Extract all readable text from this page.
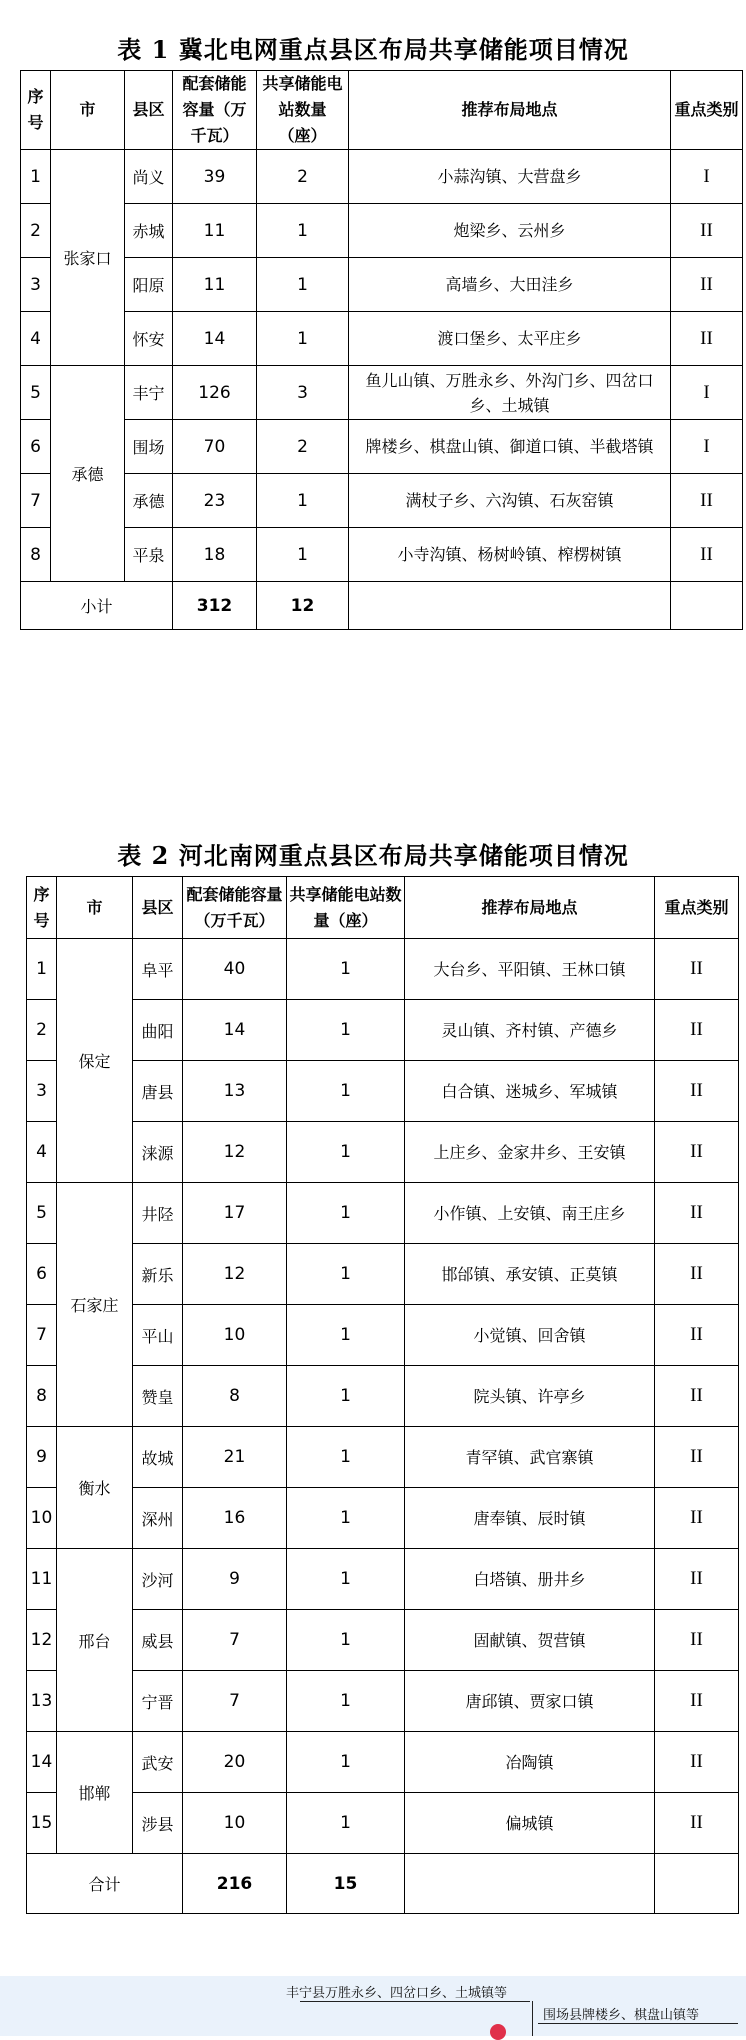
表 1 冀北电网重点县区布局共享储能项目情况
序号	市	县区	配套储能容量（万千瓦）	共享储能电站数量（座）	推荐布局地点	重点类别
1	张家口	尚义	39	2	小蒜沟镇、大营盘乡	I
2		赤城	11	1	炮梁乡、云州乡	II
3		阳原	11	1	高墙乡、大田洼乡	II
4		怀安	14	1	渡口堡乡、太平庄乡	II
5	承德	丰宁	126	3	鱼儿山镇、万胜永乡、外沟门乡、四岔口乡、土城镇	I
6		围场	70	2	牌楼乡、棋盘山镇、御道口镇、半截塔镇	I
7		承德	23	1	满杖子乡、六沟镇、石灰窑镇	II
8		平泉	18	1	小寺沟镇、杨树岭镇、榨楞树镇	II
小计			312	12		
表 2 河北南网重点县区布局共享储能项目情况
序号	市	县区	配套储能容量（万千瓦）	共享储能电站数量（座）	推荐布局地点	重点类别
1	保定	阜平	40	1	大台乡、平阳镇、王林口镇	II
2		曲阳	14	1	灵山镇、齐村镇、产德乡	II
3		唐县	13	1	白合镇、迷城乡、军城镇	II
4		涞源	12	1	上庄乡、金家井乡、王安镇	II
5	石家庄	井陉	17	1	小作镇、上安镇、南王庄乡	II
6		新乐	12	1	邯邰镇、承安镇、正莫镇	II
7		平山	10	1	小觉镇、回舍镇	II
8		赞皇	8	1	院头镇、许亭乡	II
9	衡水	故城	21	1	青罕镇、武官寨镇	II
10		深州	16	1	唐奉镇、辰时镇	II
11	邢台	沙河	9	1	白塔镇、册井乡	II
12		威县	7	1	固献镇、贺营镇	II
13		宁晋	7	1	唐邱镇、贾家口镇	II
14	邯郸	武安	20	1	冶陶镇	II
15		涉县	10	1	偏城镇	II
合计			216	15		
丰宁县万胜永乡、四岔口乡、土城镇等
围场县牌楼乡、棋盘山镇等
